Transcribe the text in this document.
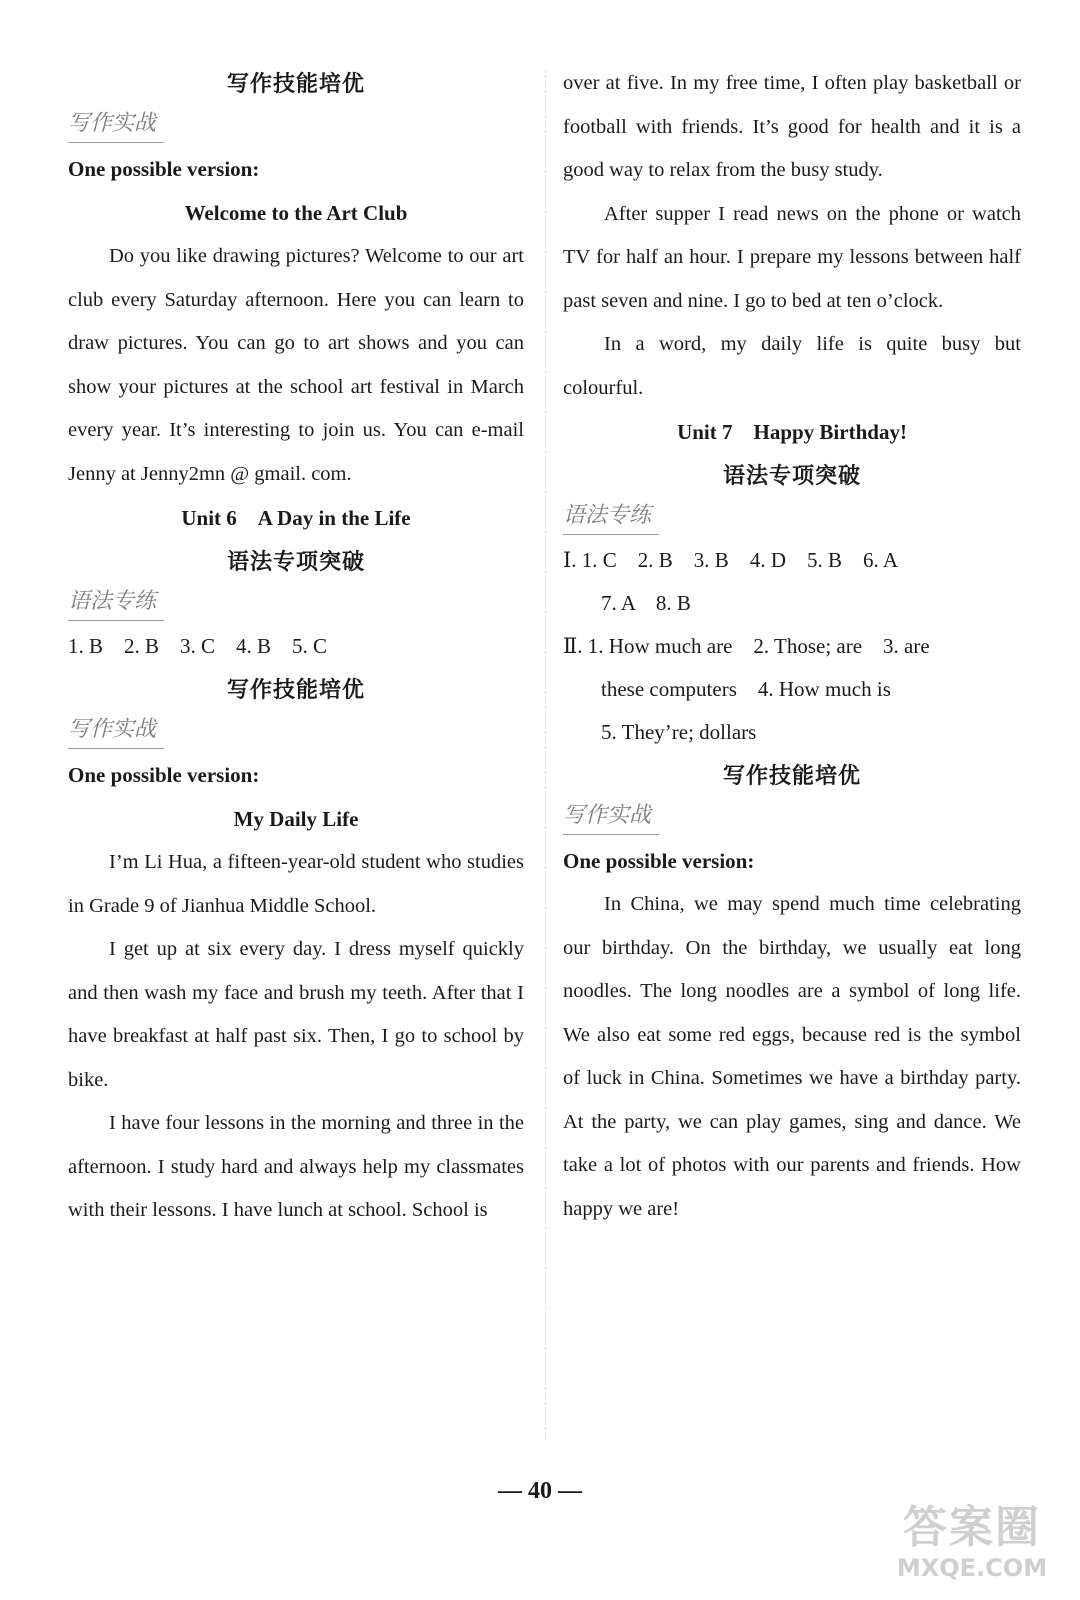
写作技能培优
写作实战
One possible version:
Welcome to the Art Club

Do you like drawing pictures? Welcome to our art club every Saturday afternoon. Here you can learn to draw pictures. You can go to art shows and you can show your pictures at the school art festival in March every year. It’s interesting to join us. You can e-mail Jenny at Jenny2mn @ gmail. com.

Unit 6　A Day in the Life
语法专项突破
语法专练
1. B　2. B　3. C　4. B　5. C
写作技能培优
写作实战
One possible version:
My Daily Life

I’m Li Hua, a fifteen-year-old student who studies in Grade 9 of Jianhua Middle School.

I get up at six every day. I dress myself quickly and then wash my face and brush my teeth. After that I have breakfast at half past six. Then, I go to school by bike.

I have four lessons in the morning and three in the afternoon. I study hard and always help my classmates with their lessons. I have lunch at school. School is

over at five. In my free time, I often play basketball or football with friends. It’s good for health and it is a good way to relax from the busy study.

After supper I read news on the phone or watch TV for half an hour. I prepare my lessons between half past seven and nine. I go to bed at ten o’clock.

In a word, my daily life is quite busy but colourful.

Unit 7　Happy Birthday!
语法专项突破
语法专练
Ⅰ. 1. C　2. B　3. B　4. D　5. B　6. A
7. A　8. B
Ⅱ. 1. How much are　2. Those; are　3. are
these computers　4. How much is
5. They’re; dollars
写作技能培优
写作实战
One possible version:

In China, we may spend much time celebrating our birthday. On the birthday, we usually eat long noodles. The long noodles are a symbol of long life. We also eat some red eggs, because red is the symbol of luck in China. Sometimes we have a birthday party. At the party, we can play games, sing and dance. We take a lot of photos with our parents and friends. How happy we are!

— 40 —
答案圈
MXQE.COM
